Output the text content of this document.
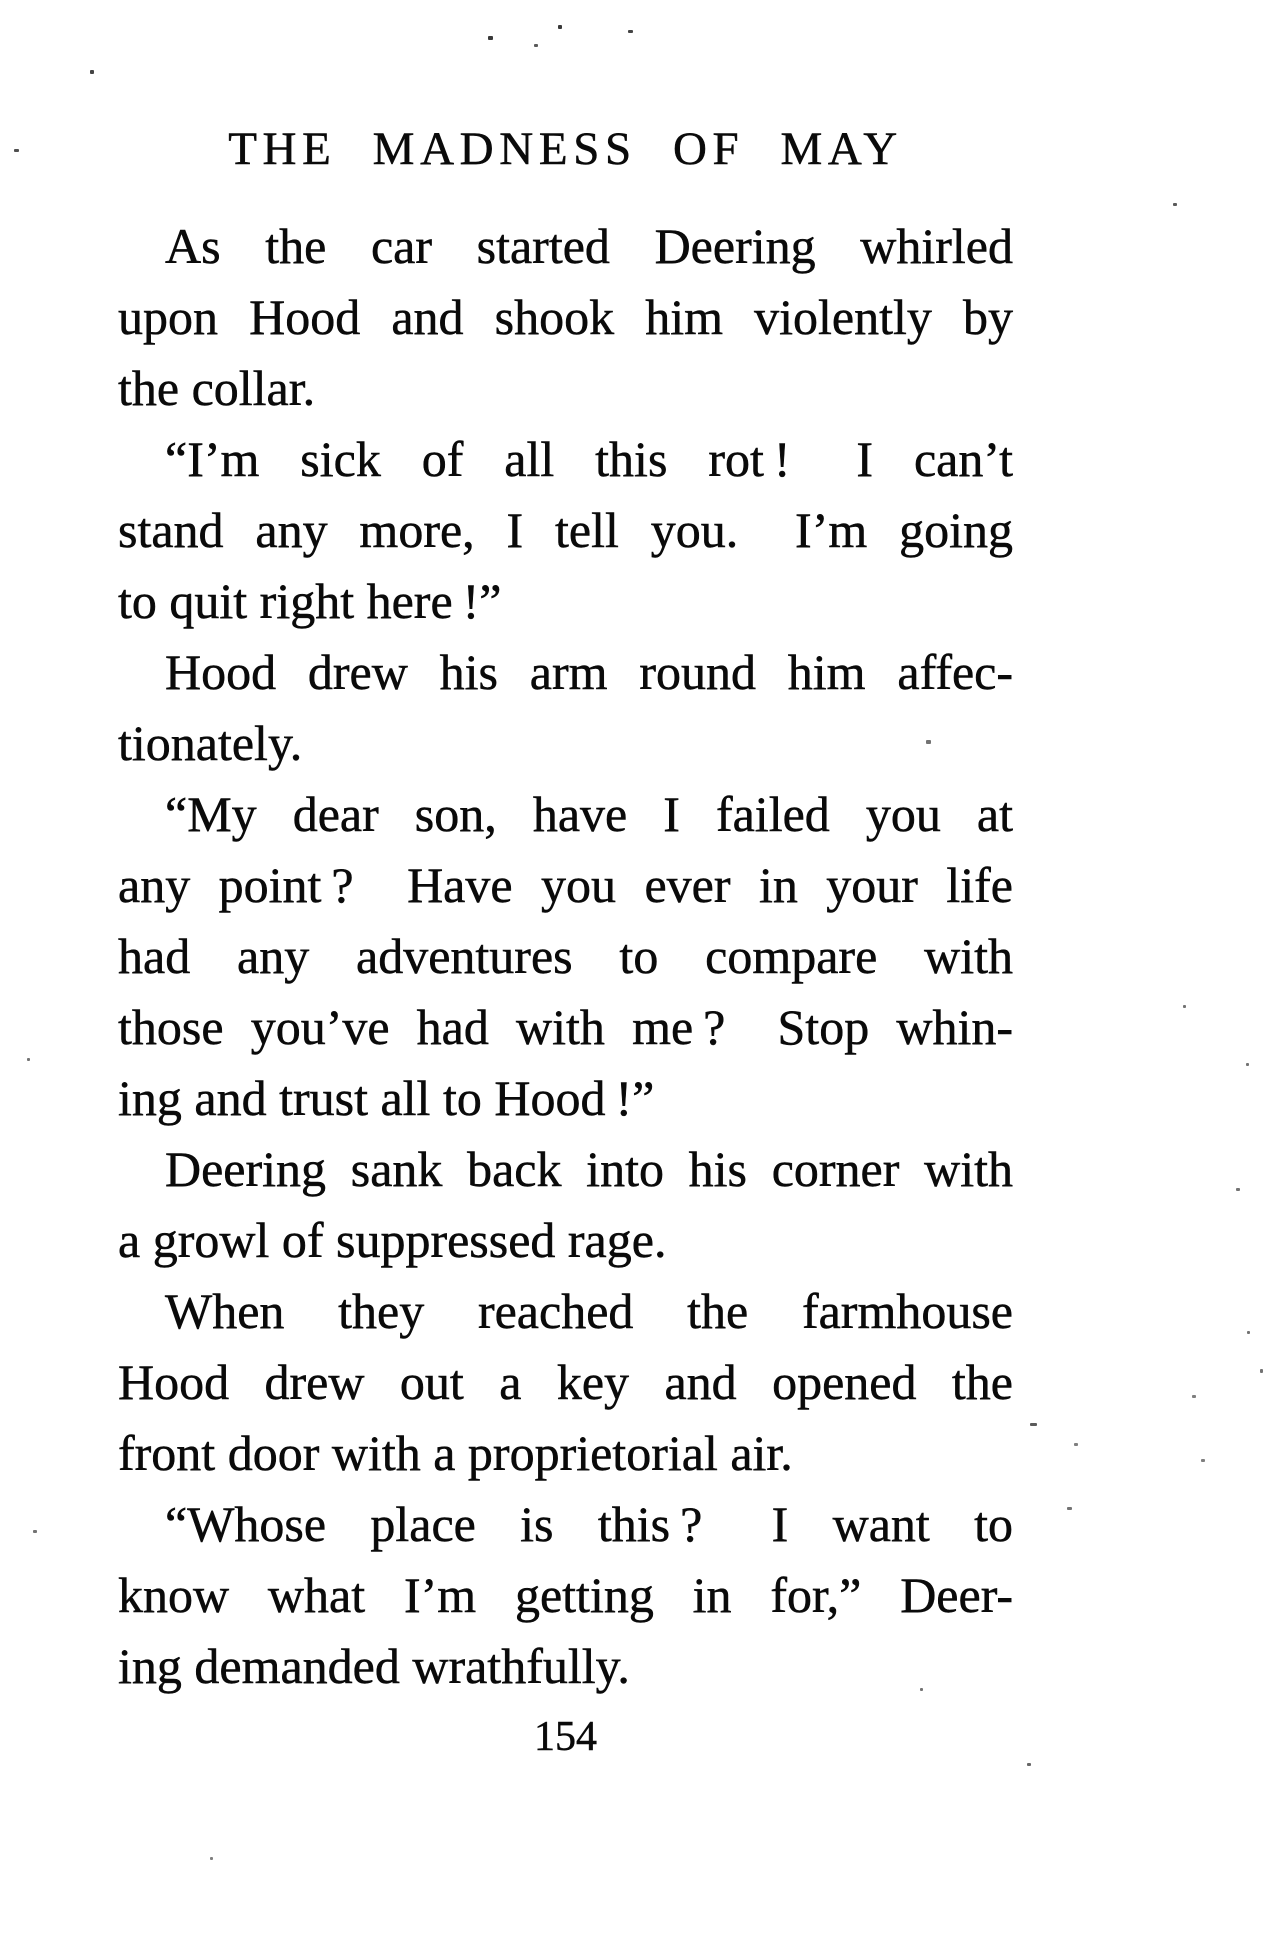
THE MADNESS OF MAY
As the car started Deering whirled
upon Hood and shook him violently by
the collar.
“I’m sick of all this rot !  I can’t
stand any more, I tell you.  I’m going
to quit right here !”
Hood drew his arm round him affec-
tionately.
“My dear son, have I failed you at
any point ?  Have you ever in your life
had any adventures to compare with
those you’ve had with me ?  Stop whin-
ing and trust all to Hood !”
Deering sank back into his corner with
a growl of suppressed rage.
When they reached the farmhouse
Hood drew out a key and opened the
front door with a proprietorial air.
“Whose place is this ?  I want to
know what I’m getting in for,” Deer-
ing demanded wrathfully.
154
